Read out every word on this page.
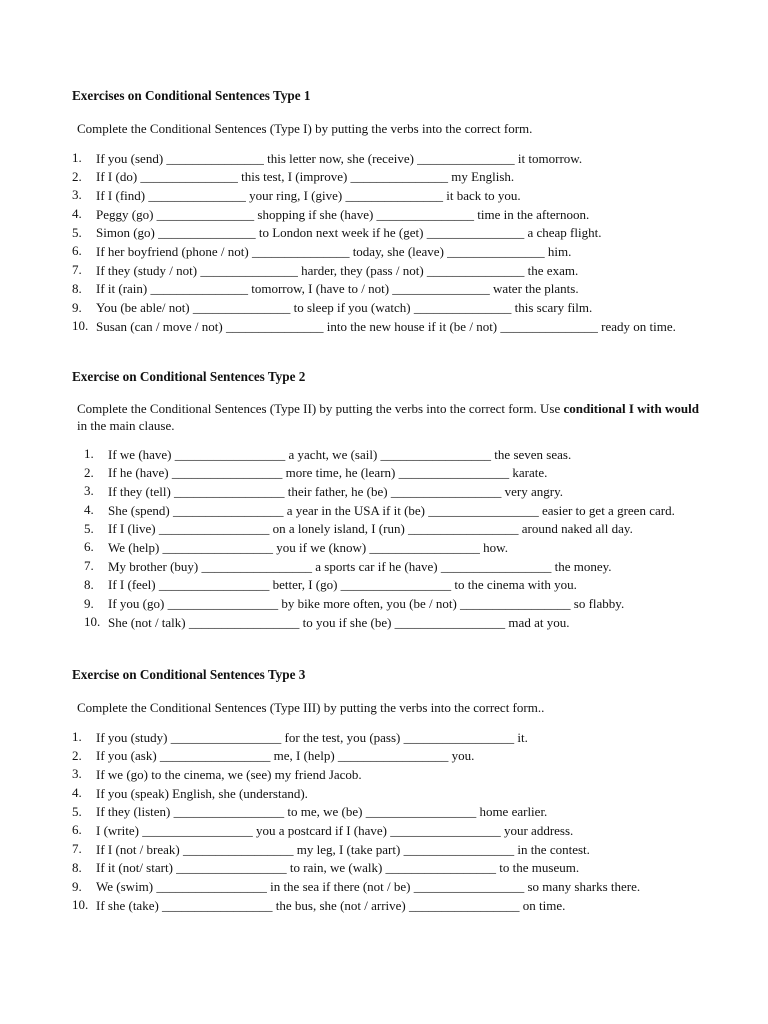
Exercises on Conditional Sentences Type 1

Complete the Conditional Sentences (Type I) by putting the verbs into the correct form.

1. If you (send) _______________ this letter now, she (receive) _______________ it tomorrow.
2. If I (do) _______________ this test, I (improve) _______________ my English.
3. If I (find) _______________ your ring, I (give) _______________ it back to you.
4. Peggy (go) _______________ shopping if she (have) _______________ time in the afternoon.
5. Simon (go) _______________ to London next week if he (get) _______________ a cheap flight.
6. If her boyfriend (phone / not) _______________ today, she (leave) _______________ him.
7. If they (study / not) _______________ harder, they (pass / not) _______________ the exam.
8. If it (rain) _______________ tomorrow, I (have to / not) _______________ water the plants.
9. You (be able/ not) _______________ to sleep if you (watch) _______________ this scary film.
10. Susan (can / move / not) _______________ into the new house if it (be / not) _______________ ready on time.
Exercise on Conditional Sentences Type 2

Complete the Conditional Sentences (Type II) by putting the verbs into the correct form. Use conditional I with would in the main clause.

1. If we (have) _________________ a yacht, we (sail) _________________ the seven seas.
2. If he (have) _________________ more time, he (learn) _________________ karate.
3. If they (tell) _________________ their father, he (be) _________________ very angry.
4. She (spend) _________________ a year in the USA if it (be) _________________ easier to get a green card.
5. If I (live) _________________ on a lonely island, I (run) _________________ around naked all day.
6. We (help) _________________ you if we (know) _________________ how.
7. My brother (buy) _________________ a sports car if he (have) _________________ the money.
8. If I (feel) _________________ better, I (go) _________________ to the cinema with you.
9. If you (go) _________________ by bike more often, you (be / not) _________________ so flabby.
10. She (not / talk) _________________ to you if she (be) _________________ mad at you.
Exercise on Conditional Sentences Type 3

Complete the Conditional Sentences (Type III) by putting the verbs into the correct form..

1. If you (study) _________________ for the test, you (pass) _________________ it.
2. If you (ask) _________________ me, I (help) _________________ you.
3. If we (go) to the cinema, we (see) my friend Jacob.
4. If you (speak) English, she (understand).
5. If they (listen) _________________ to me, we (be) _________________ home earlier.
6. I (write) _________________ you a postcard if I (have) _________________ your address.
7. If I (not / break) _________________ my leg, I (take part) _________________ in the contest.
8. If it (not/ start) _________________ to rain, we (walk) _________________ to the museum.
9. We (swim) _________________ in the sea if there (not / be) _________________ so many sharks there.
10. If she (take) _________________ the bus, she (not / arrive) _________________ on time.
